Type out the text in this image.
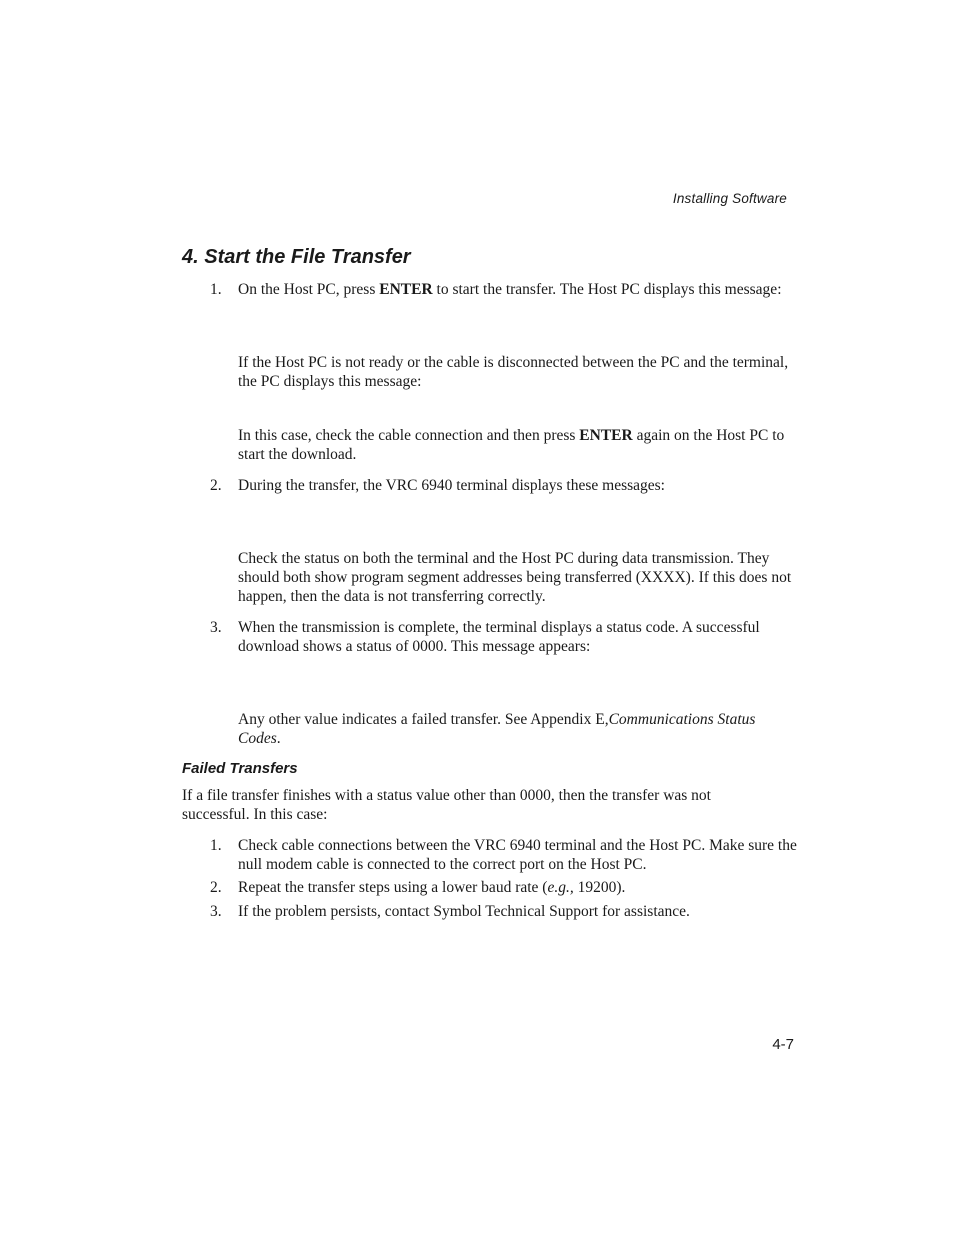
Installing Software
4. Start the File Transfer
1.	On the Host PC, press ENTER to start the transfer. The Host PC displays this message:
If the Host PC is not ready or the cable is disconnected between the PC and the terminal, the PC displays this message:
In this case, check the cable connection and then press ENTER again on the Host PC to start the download.
2.	During the transfer, the VRC 6940 terminal displays these messages:
Check the status on both the terminal and the Host PC during data transmission. They should both show program segment addresses being transferred (XXXX). If this does not happen, then the data is not transferring correctly.
3.	When the transmission is complete, the terminal displays a status code. A successful download shows a status of 0000. This message appears:
Any other value indicates a failed transfer. See Appendix E,Communications Status Codes.
Failed Transfers
If a file transfer finishes with a status value other than 0000, then the transfer was not successful. In this case:
1.	Check cable connections between the VRC 6940 terminal and the Host PC. Make sure the null modem cable is connected to the correct port on the Host PC.
2.	Repeat the transfer steps using a lower baud rate (e.g., 19200).
3.	If the problem persists, contact Symbol Technical Support for assistance.
4-7
